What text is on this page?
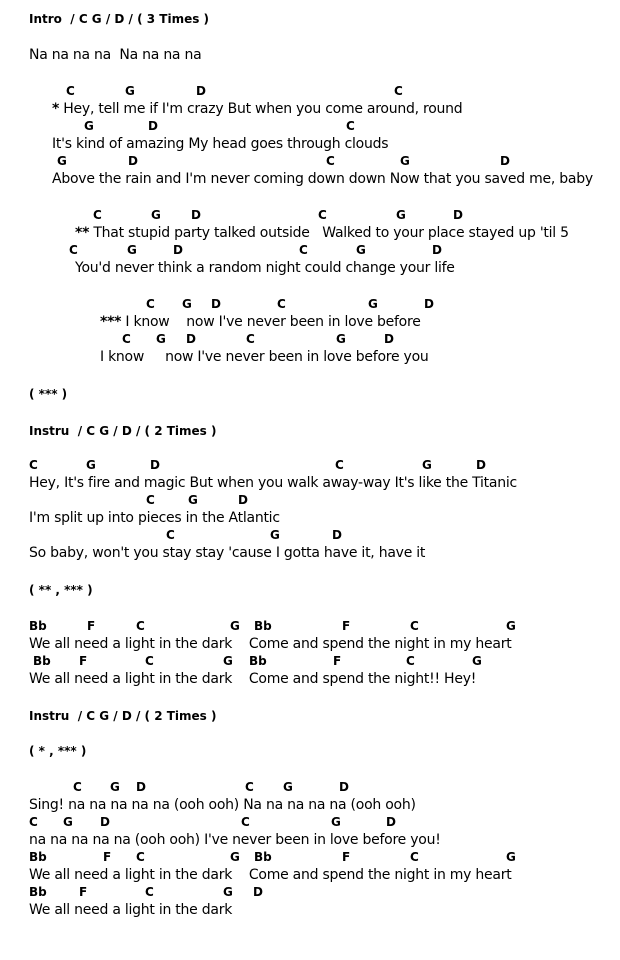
Intro / C G / D / ( 3 Times )
Na na na na  Na na na na

C

	G

	D

	C

* Hey, tell me if I'm crazy But when you come around, round

G

	D

	C

It's kind of amazing My head goes through clouds

G

	D

	C

	G

	D

Above the rain and I'm never coming down down Now that you saved me, baby

C

	G

	D

	C

	G

	D

** That stupid party talked outside   Walked to your place stayed up 'til 5

C

	G

	D

	C

	G

	D

You'd never think a random night could change your life

C

G

D

	C

	G

	D

*** I know    now I've never been in love before

C

G

D

	C

	G

	D

I know     now I've never been in love before you
( *** )
Instru / C G / D / ( 2 Times )

C

	G

	D

	C

	G

	D

Hey, It's fire and magic But when you walk away-way It's like the Titanic

C

	G

	D

I'm split up into pieces in the Atlantic

C

	G

	D

So baby, won't you stay stay 'cause I gotta have it, have it
( ** , *** )

Bb

	F

	C

	G

Bb

	F

	C

	G

We all need a light in the dark    Come and spend the night in my heart

Bb

F

	C

	G

Bb

	F

	C

	G

We all need a light in the dark    Come and spend the night!! Hey!
Instru / C G / D / ( 2 Times )
( * , *** )

C

G

D

	C

G

	D

Sing! na na na na na (ooh ooh) Na na na na na (ooh ooh)

C

G

D

	C

	G

	D

na na na na na (ooh ooh) I've never been in love before you!

Bb

	F

C

	G

Bb

	F

	C

	G

We all need a light in the dark    Come and spend the night in my heart

Bb

	F

	C

	G

D

We all need a light in the dark
